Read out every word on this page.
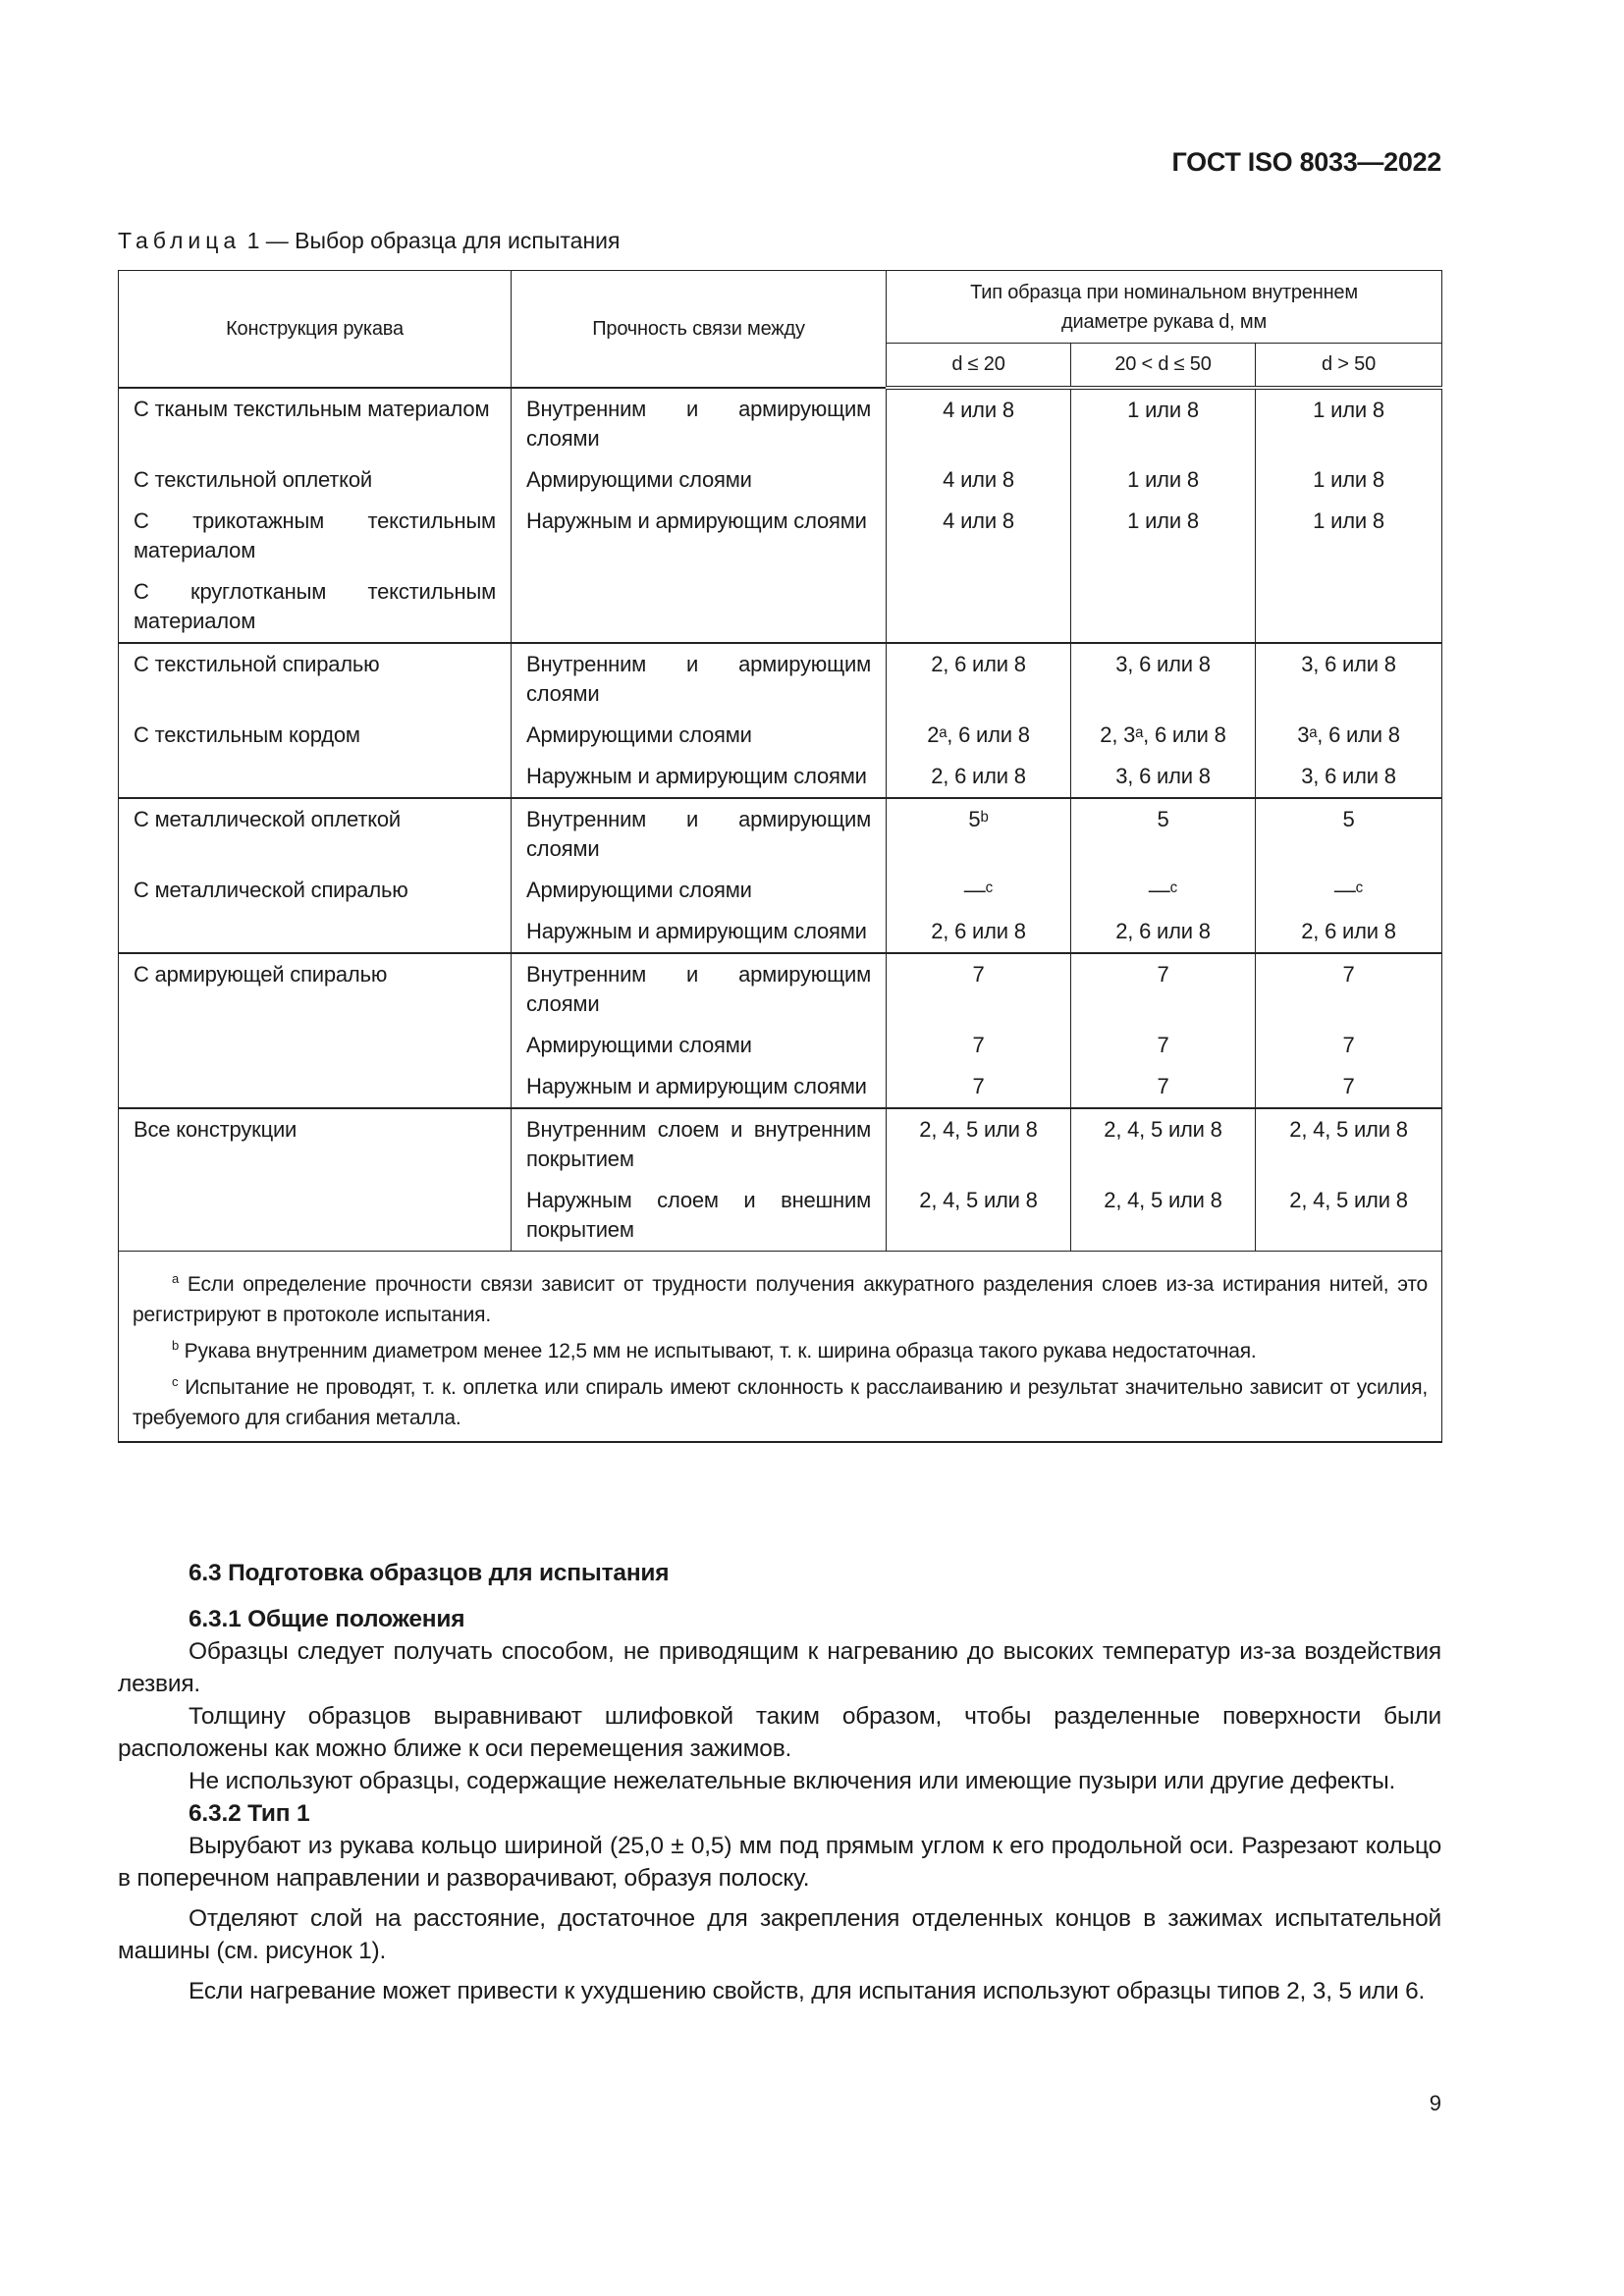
ГОСТ ISO 8033—2022
Таблица 1 — Выбор образца для испытания
Конструкция рукава	Прочность связи между	Тип образца при номинальном внутреннем диаметре рукава d, мм		
		d ≤ 20	20 < d ≤ 50	d > 50
С тканым текстильным материалом	Внутренним и армирующим слоями	4 или 8	1 или 8	1 или 8
С текстильной оплеткой	Армирующими слоями	4 или 8	1 или 8	1 или 8
С трикотажным текстильным материалом	Наружным и армирующим слоями	4 или 8	1 или 8	1 или 8
С круглотканым текстильным материалом				
С текстильной спиралью	Внутренним и армирующим слоями	2, 6 или 8	3, 6 или 8	3, 6 или 8
С текстильным кордом	Армирующими слоями	2ᵃ, 6 или 8	2, 3ᵃ, 6 или 8	3ᵃ, 6 или 8
	Наружным и армирующим слоями	2, 6 или 8	3, 6 или 8	3, 6 или 8
С металлической оплеткой	Внутренним и армирующим слоями	5ᵇ	5	5
С металлической спиралью	Армирующими слоями	—ᶜ	—ᶜ	—ᶜ
	Наружным и армирующим слоями	2, 6 или 8	2, 6 или 8	2, 6 или 8
С армирующей спиралью	Внутренним и армирующим слоями	7	7	7
	Армирующими слоями	7	7	7
	Наружным и армирующим слоями	7	7	7
Все конструкции	Внутренним слоем и внутренним покрытием	2, 4, 5 или 8	2, 4, 5 или 8	2, 4, 5 или 8
	Наружным слоем и внешним покрытием	2, 4, 5 или 8	2, 4, 5 или 8	2, 4, 5 или 8

$^a$ Если определение прочности связи зависит от трудности получения аккуратного разделения слоев из-за истирания нитей, это регистрируют в протоколе испытания.

$^b$ Рукава внутренним диаметром менее 12,5 мм не испытывают, т. к. ширина образца такого рукава недостаточная.

$^c$ Испытание не проводят, т. к. оплетка или спираль имеют склонность к расслаиванию и результат значительно зависит от усилия, требуемого для сгибания металла.				

6.3 Подготовка образцов для испытания
6.3.1 Общие положения

Образцы следует получать способом, не приводящим к нагреванию до высоких температур из-за воздействия лезвия.

Толщину образцов выравнивают шлифовкой таким образом, чтобы разделенные поверхности были расположены как можно ближе к оси перемещения зажимов.

Не используют образцы, содержащие нежелательные включения или имеющие пузыри или другие дефекты.

6.3.2 Тип 1

Вырубают из рукава кольцо шириной (25,0 ± 0,5) мм под прямым углом к его продольной оси. Разрезают кольцо в поперечном направлении и разворачивают, образуя полоску.

Отделяют слой на расстояние, достаточное для закрепления отделенных концов в зажимах испытательной машины (см. рисунок 1).

Если нагревание может привести к ухудшению свойств, для испытания используют образцы типов 2, 3, 5 или 6.

9
